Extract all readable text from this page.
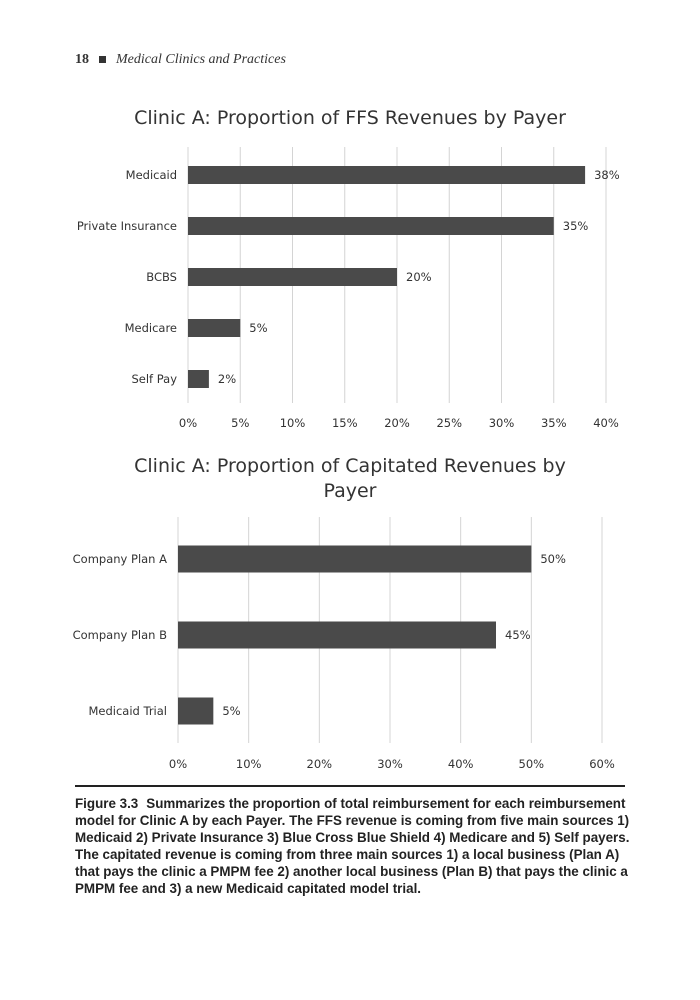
18 Medical Clinics and Practices
Clinic A: Proportion of FFS Revenues by Payer
0%	5%	10% 15% 20% 25% 30% 35% 40%
Medicaid	38%
Private Insurance	35%
BCBS	20%
Medicare	5%
Self Pay	2%
Clinic A: Proportion of Capitated Revenues by
Payer
0%	10%	20%	30%	40%	50%	60%
Company Plan A	50%
Company Plan B	45%
Medicaid Trial	5%
Figure 3.3 Summarizes the proportion of total reimbursement for each reimbursement model for Clinic A by each Payer. The FFS revenue is coming from five main sources 1) Medicaid 2) Private Insurance 3) Blue Cross Blue Shield 4) Medicare and 5) Self payers. The capitated revenue is coming from three main sources 1) a local business (Plan A) that pays the clinic a PMPM fee 2) another local business (Plan B) that pays the clinic a PMPM fee and 3) a new Medicaid capitated model trial.
